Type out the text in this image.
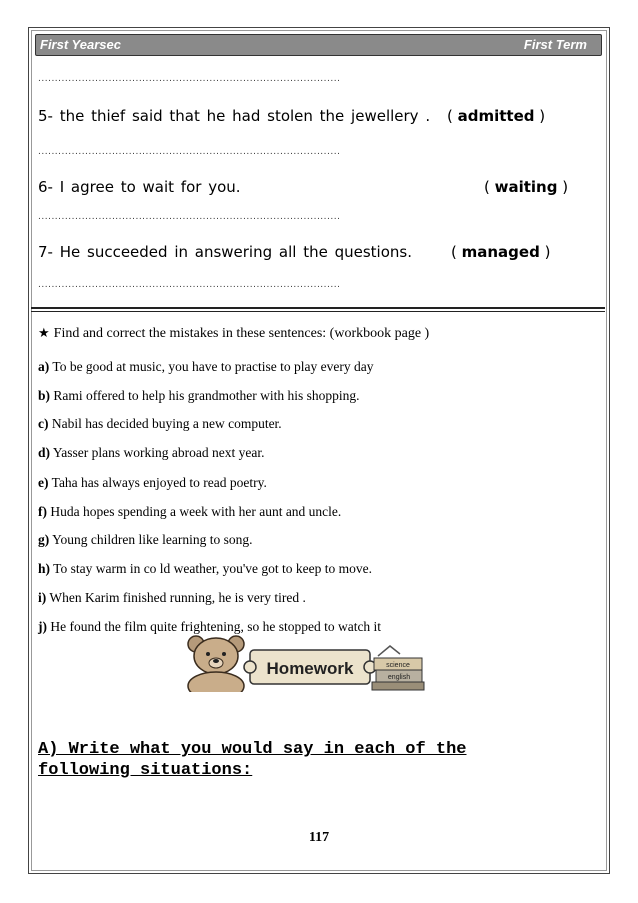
First Yearsec	First Term
..........................................................................................
5- the thief said that he had stolen the jewellery . ( admitted )
..........................................................................................
6- I agree to wait for you.	( waiting )
..........................................................................................
7- He succeeded in answering all the questions.	( managed )
..........................................................................................
★ Find and correct the mistakes in these sentences: (workbook page )
a) To be good at music, you have to practise to play every day
b) Rami offered to help his grandmother with his shopping.
c) Nabil has decided buying a new computer.
d) Yasser plans working abroad next year.
e) Taha has always enjoyed to read poetry.
f) Huda hopes spending a week with her aunt and uncle.
g) Young children like learning to song.
h) To stay warm in co ld weather, you've got to keep to move.
i) When Karim finished running, he is very tired .
j) He found the film quite frightening, so he stopped to watch it
Homework	science
english
A) Write what you would say in each of the
following situations:
117
